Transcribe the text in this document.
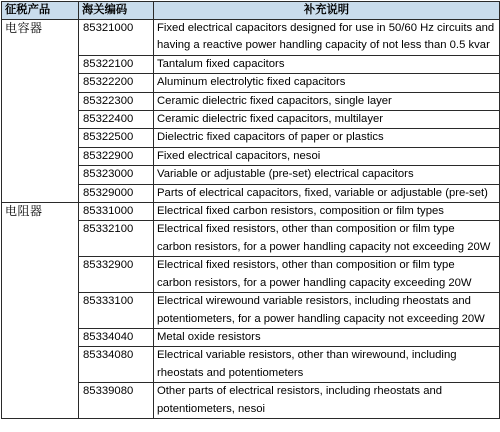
征税产品	海关编码	补充说明
电容器	85321000	Fixed electrical capacitors designed for use in 50/60 Hz circuits and
having a reactive power handling capacity of not less than 0.5 kvar

	85322100	Tantalum fixed capacitors

	85322200	Aluminum electrolytic fixed capacitors

	85322300	Ceramic dielectric fixed capacitors, single layer

	85322400	Ceramic dielectric fixed capacitors, multilayer

	85322500	Dielectric fixed capacitors of paper or plastics

	85322900	Fixed electrical capacitors, nesoi

	85323000	Variable or adjustable (pre-set) electrical capacitors

	85329000	Parts of electrical capacitors, fixed, variable or adjustable (pre-set)

电阻器	85331000	Electrical fixed carbon resistors, composition or film types

	85332100	Electrical fixed resistors, other than composition or film type
carbon resistors, for a power handling capacity not exceeding 20W

	85332900	Electrical fixed resistors, other than composition or film type
carbon resistors, for a power handling capacity exceeding 20W

	85333100	Electrical wirewound variable resistors, including rheostats and
potentiometers, for a power handling capacity not exceeding 20W

	85334040	Metal oxide resistors

	85334080	Electrical variable resistors, other than wirewound, including
rheostats and potentiometers

	85339080	Other parts of electrical resistors, including rheostats and
potentiometers, nesoi
